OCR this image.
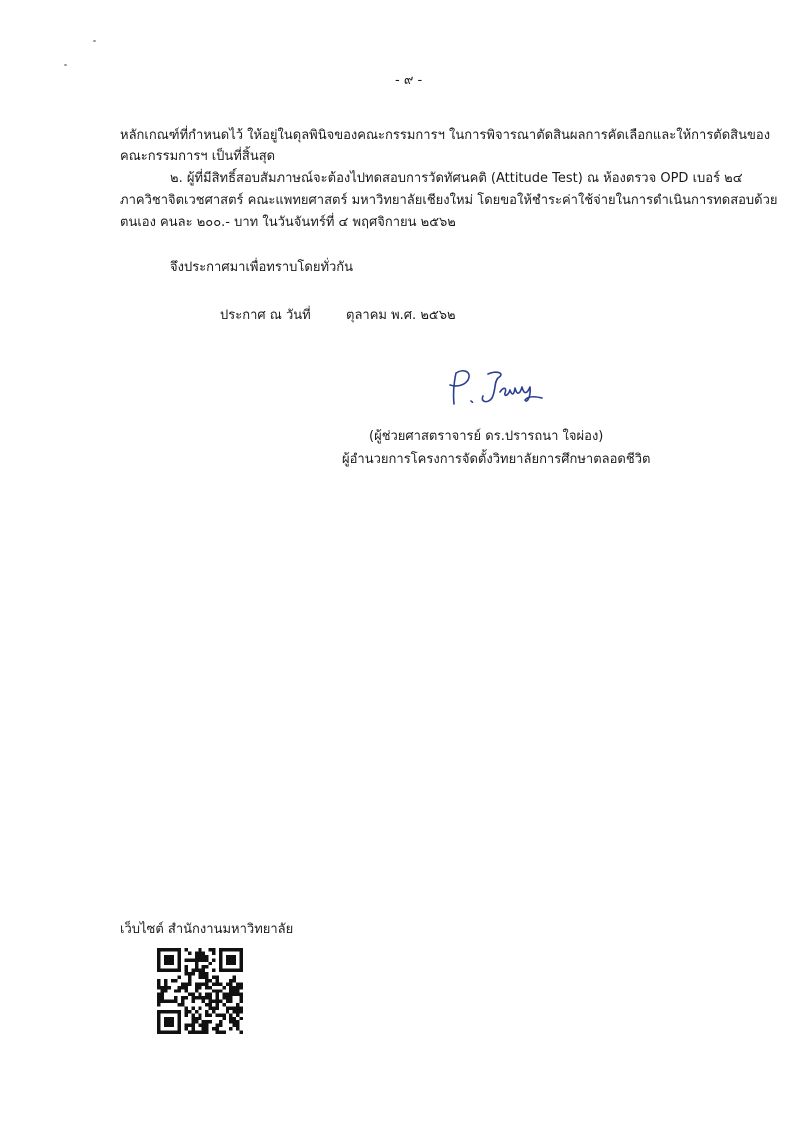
- ๙ -
หลักเกณฑ์ที่กำหนดไว้ ให้อยู่ในดุลพินิจของคณะกรรมการฯ ในการพิจารณาตัดสินผลการคัดเลือกและให้การตัดสินของ
คณะกรรมการฯ เป็นที่สิ้นสุด
๒. ผู้ที่มีสิทธิ์สอบสัมภาษณ์จะต้องไปทดสอบการวัดทัศนคติ (Attitude Test) ณ ห้องตรวจ OPD เบอร์ ๒๔
ภาควิชาจิตเวชศาสตร์ คณะแพทยศาสตร์ มหาวิทยาลัยเชียงใหม่ โดยขอให้ชำระค่าใช้จ่ายในการดำเนินการทดสอบด้วย
ตนเอง คนละ ๒๐๐.- บาท ในวันจันทร์ที่ ๔ พฤศจิกายน ๒๕๖๒
จึงประกาศมาเพื่อทราบโดยทั่วกัน
ประกาศ ณ วันที่	ตุลาคม พ.ศ. ๒๕๖๒
(ผู้ช่วยศาสตราจารย์ ดร.ปรารถนา ใจผ่อง)
ผู้อำนวยการโครงการจัดตั้งวิทยาลัยการศึกษาตลอดชีวิต
เว็บไซต์ สำนักงานมหาวิทยาลัย
